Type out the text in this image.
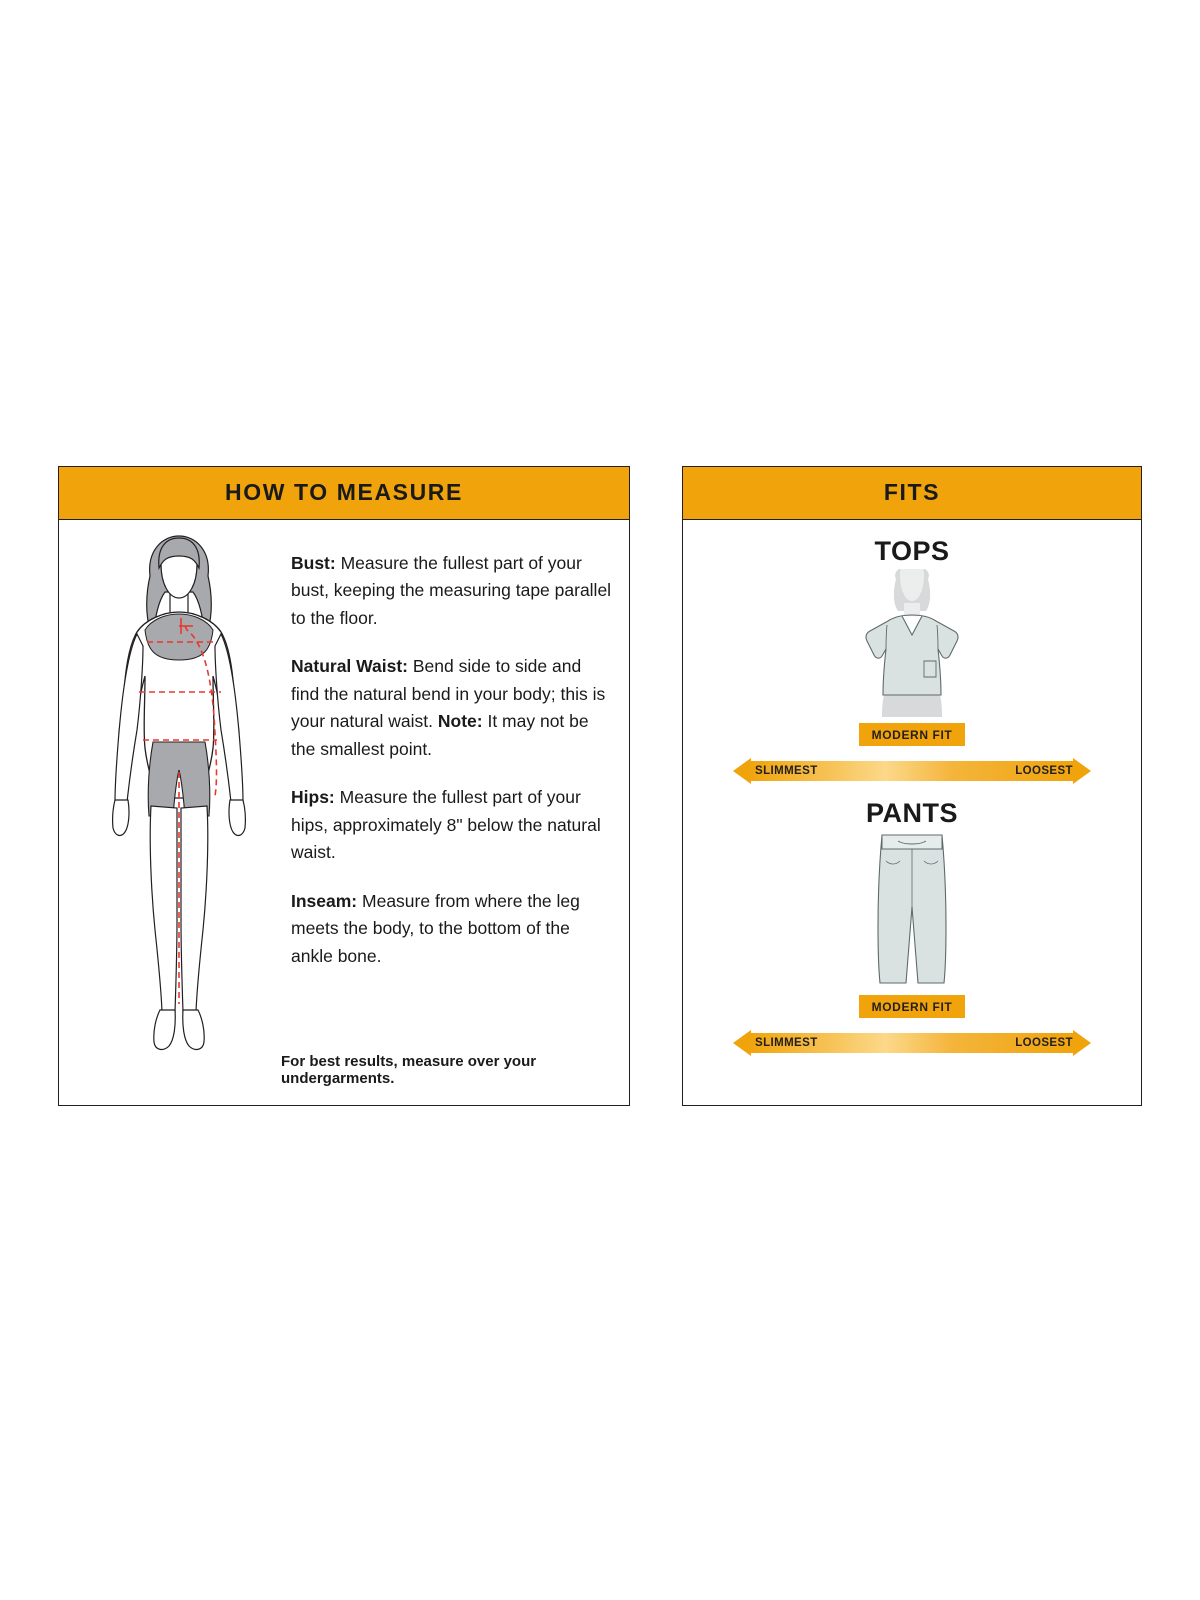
HOW TO MEASURE

Bust: Measure the fullest part of your bust, keeping the measuring tape parallel to the floor.

Natural Waist: Bend side to side and find the natural bend in your body; this is your natural waist. Note: It may not be the smallest point.

Hips: Measure the fullest part of your hips, approximately 8" below the natural waist.

Inseam: Measure from where the leg meets the body, to the bottom of the ankle bone.

For best results, measure over your undergarments.
FITS
TOPS
MODERN FIT
SLIMMEST	LOOSEST
PANTS
MODERN FIT
SLIMMEST	LOOSEST
